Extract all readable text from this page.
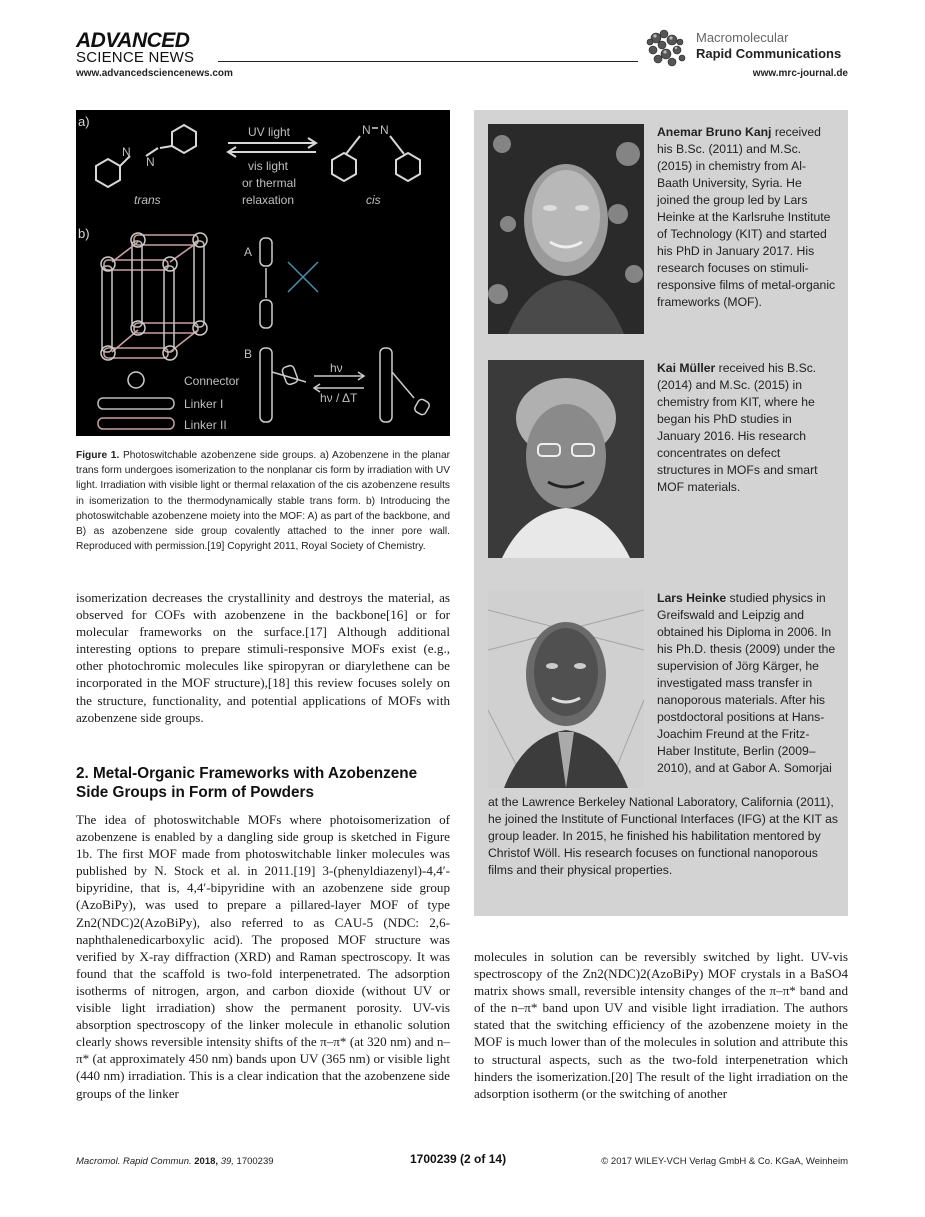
ADVANCED
SCIENCE NEWS
www.advancedsciencenews.com
Macromolecular
Rapid Communications
www.mrc-journal.de
a)
N
N
N N
UV light
vis light
or thermal
relaxation
trans	cis
b)
A
B
hν
hν / ΔT
Connector
Linker I
Linker II
Figure 1. Photoswitchable azobenzene side groups. a) Azobenzene in the planar trans form undergoes isomerization to the nonplanar cis form by irradiation with UV light. Irradiation with visible light or thermal relaxation of the cis azobenzene results in isomerization to the thermodynamically stable trans form. b) Introducing the photoswitchable azobenzene moiety into the MOF: A) as part of the backbone, and B) as azobenzene side group covalently attached to the inner pore wall. Reproduced with permission.[19] Copyright 2011, Royal Society of Chemistry.
isomerization decreases the crystallinity and destroys the material, as observed for COFs with azobenzene in the backbone[16] or for molecular frameworks on the surface.[17] Although additional interesting options to prepare stimuli-responsive MOFs exist (e.g., other photochromic molecules like spiropyran or diarylethene can be incorporated in the MOF structure),[18] this review focuses solely on the structure, functionality, and potential applications of MOFs with azobenzene side groups.
2. Metal-Organic Frameworks with Azobenzene Side Groups in Form of Powders
The idea of photoswitchable MOFs where photoisomerization of azobenzene is enabled by a dangling side group is sketched in Figure 1b. The first MOF made from photoswitchable linker molecules was published by N. Stock et al. in 2011.[19] 3-(phenyldiazenyl)-4,4′-bipyridine, that is, 4,4′-bipyridine with an azobenzene side group (AzoBiPy), was used to prepare a pillared-layer MOF of type Zn2(NDC)2(AzoBiPy), also referred to as CAU-5 (NDC: 2,6-naphthalenedicarboxylic acid). The proposed MOF structure was verified by X-ray diffraction (XRD) and Raman spectroscopy. It was found that the scaffold is two-fold interpenetrated. The adsorption isotherms of nitrogen, argon, and carbon dioxide (without UV or visible light irradiation) show the permanent porosity. UV-vis absorption spectroscopy of the linker molecule in ethanolic solution clearly shows reversible intensity shifts of the π–π* (at 320 nm) and n–π* (at approximately 450 nm) bands upon UV (365 nm) or visible light (440 nm) irradiation. This is a clear indication that the azobenzene side groups of the linker
Anemar Bruno Kanj received his B.Sc. (2011) and M.Sc. (2015) in chemistry from Al-Baath University, Syria. He joined the group led by Lars Heinke at the Karlsruhe Institute of Technology (KIT) and started his PhD in January 2017. His research focuses on stimuli-responsive films of metal-organic frameworks (MOF).
Kai Müller received his B.Sc. (2014) and M.Sc. (2015) in chemistry from KIT, where he began his PhD studies in January 2016. His research concentrates on defect structures in MOFs and smart MOF materials.
Lars Heinke studied physics in Greifswald and Leipzig and obtained his Diploma in 2006. In his Ph.D. thesis (2009) under the supervision of Jörg Kärger, he investigated mass transfer in nanoporous materials. After his postdoctoral positions at Hans-Joachim Freund at the Fritz-Haber Institute, Berlin (2009–2010), and at Gabor A. Somorjai
at the Lawrence Berkeley National Laboratory, California (2011), he joined the Institute of Functional Interfaces (IFG) at the KIT as group leader. In 2015, he finished his habilitation mentored by Christof Wöll. His research focuses on functional nanoporous films and their physical properties.
molecules in solution can be reversibly switched by light. UV-vis spectroscopy of the Zn2(NDC)2(AzoBiPy) MOF crystals in a BaSO4 matrix shows small, reversible intensity changes of the π–π* band and of the n–π* band upon UV and visible light irradiation. The authors stated that the switching efficiency of the azobenzene moiety in the MOF is much lower than of the molecules in solution and attribute this to structural aspects, such as the two-fold interpenetration which hinders the isomerization.[20] The result of the light irradiation on the adsorption isotherm (or the switching of another
Macromol. Rapid Commun. 2018, 39, 1700239	1700239 (2 of 14)	© 2017 WILEY-VCH Verlag GmbH & Co. KGaA, Weinheim
